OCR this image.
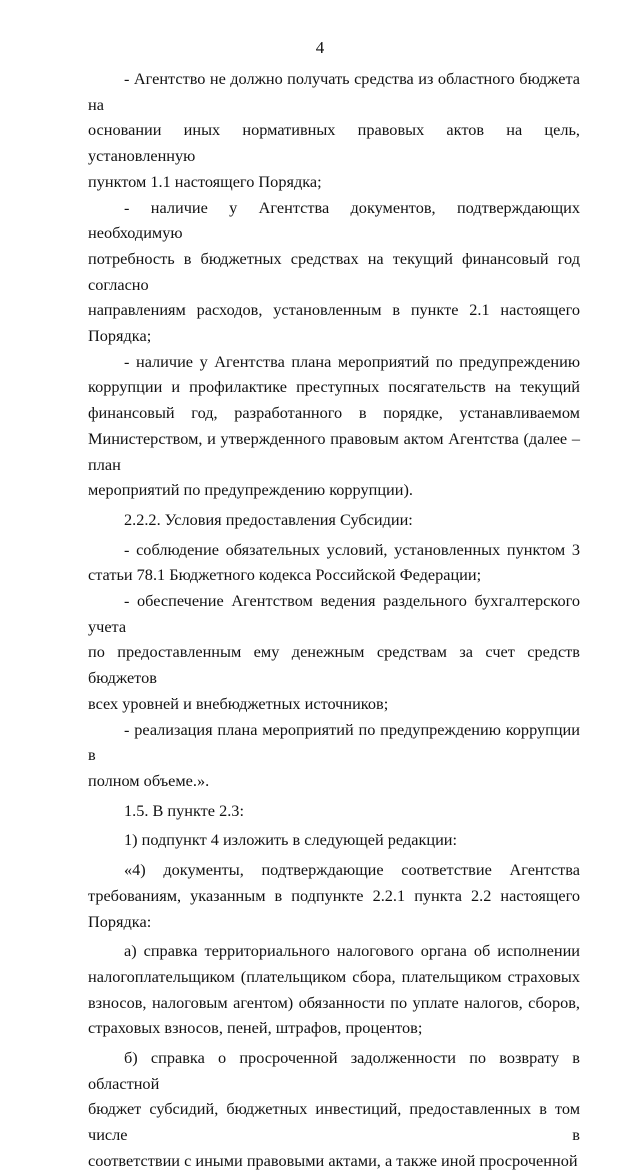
4

- Агентство не должно получать средства из областного бюджета на
основании иных нормативных правовых актов на цель, установленную
пунктом 1.1 настоящего Порядка;

- наличие у Агентства документов, подтверждающих необходимую
потребность в бюджетных средствах на текущий финансовый год согласно
направлениям расходов, установленным в пункте 2.1 настоящего Порядка;

- наличие у Агентства плана мероприятий по предупреждению
коррупции и профилактике преступных посягательств на текущий
финансовый год, разработанного в порядке, устанавливаемом
Министерством, и утвержденного правовым актом Агентства (далее – план
мероприятий по предупреждению коррупции).

2.2.2. Условия предоставления Субсидии:

- соблюдение обязательных условий, установленных пунктом 3
статьи 78.1 Бюджетного кодекса Российской Федерации;

- обеспечение Агентством ведения раздельного бухгалтерского учета
по предоставленным ему денежным средствам за счет средств бюджетов
всех уровней и внебюджетных источников;

- реализация плана мероприятий по предупреждению коррупции в
полном объеме.».

1.5. В пункте 2.3:

1) подпункт 4 изложить в следующей редакции:

«4) документы, подтверждающие соответствие Агентства
требованиям, указанным в подпункте 2.2.1 пункта 2.2 настоящего Порядка:

а) справка территориального налогового органа об исполнении
налогоплательщиком (плательщиком сбора, плательщиком страховых
взносов, налоговым агентом) обязанности по уплате налогов, сборов,
страховых взносов, пеней, штрафов, процентов;

б) справка о просроченной задолженности по возврату в областной
бюджет субсидий, бюджетных инвестиций, предоставленных в том числе в
соответствии с иными правовыми актами, а также иной просроченной
